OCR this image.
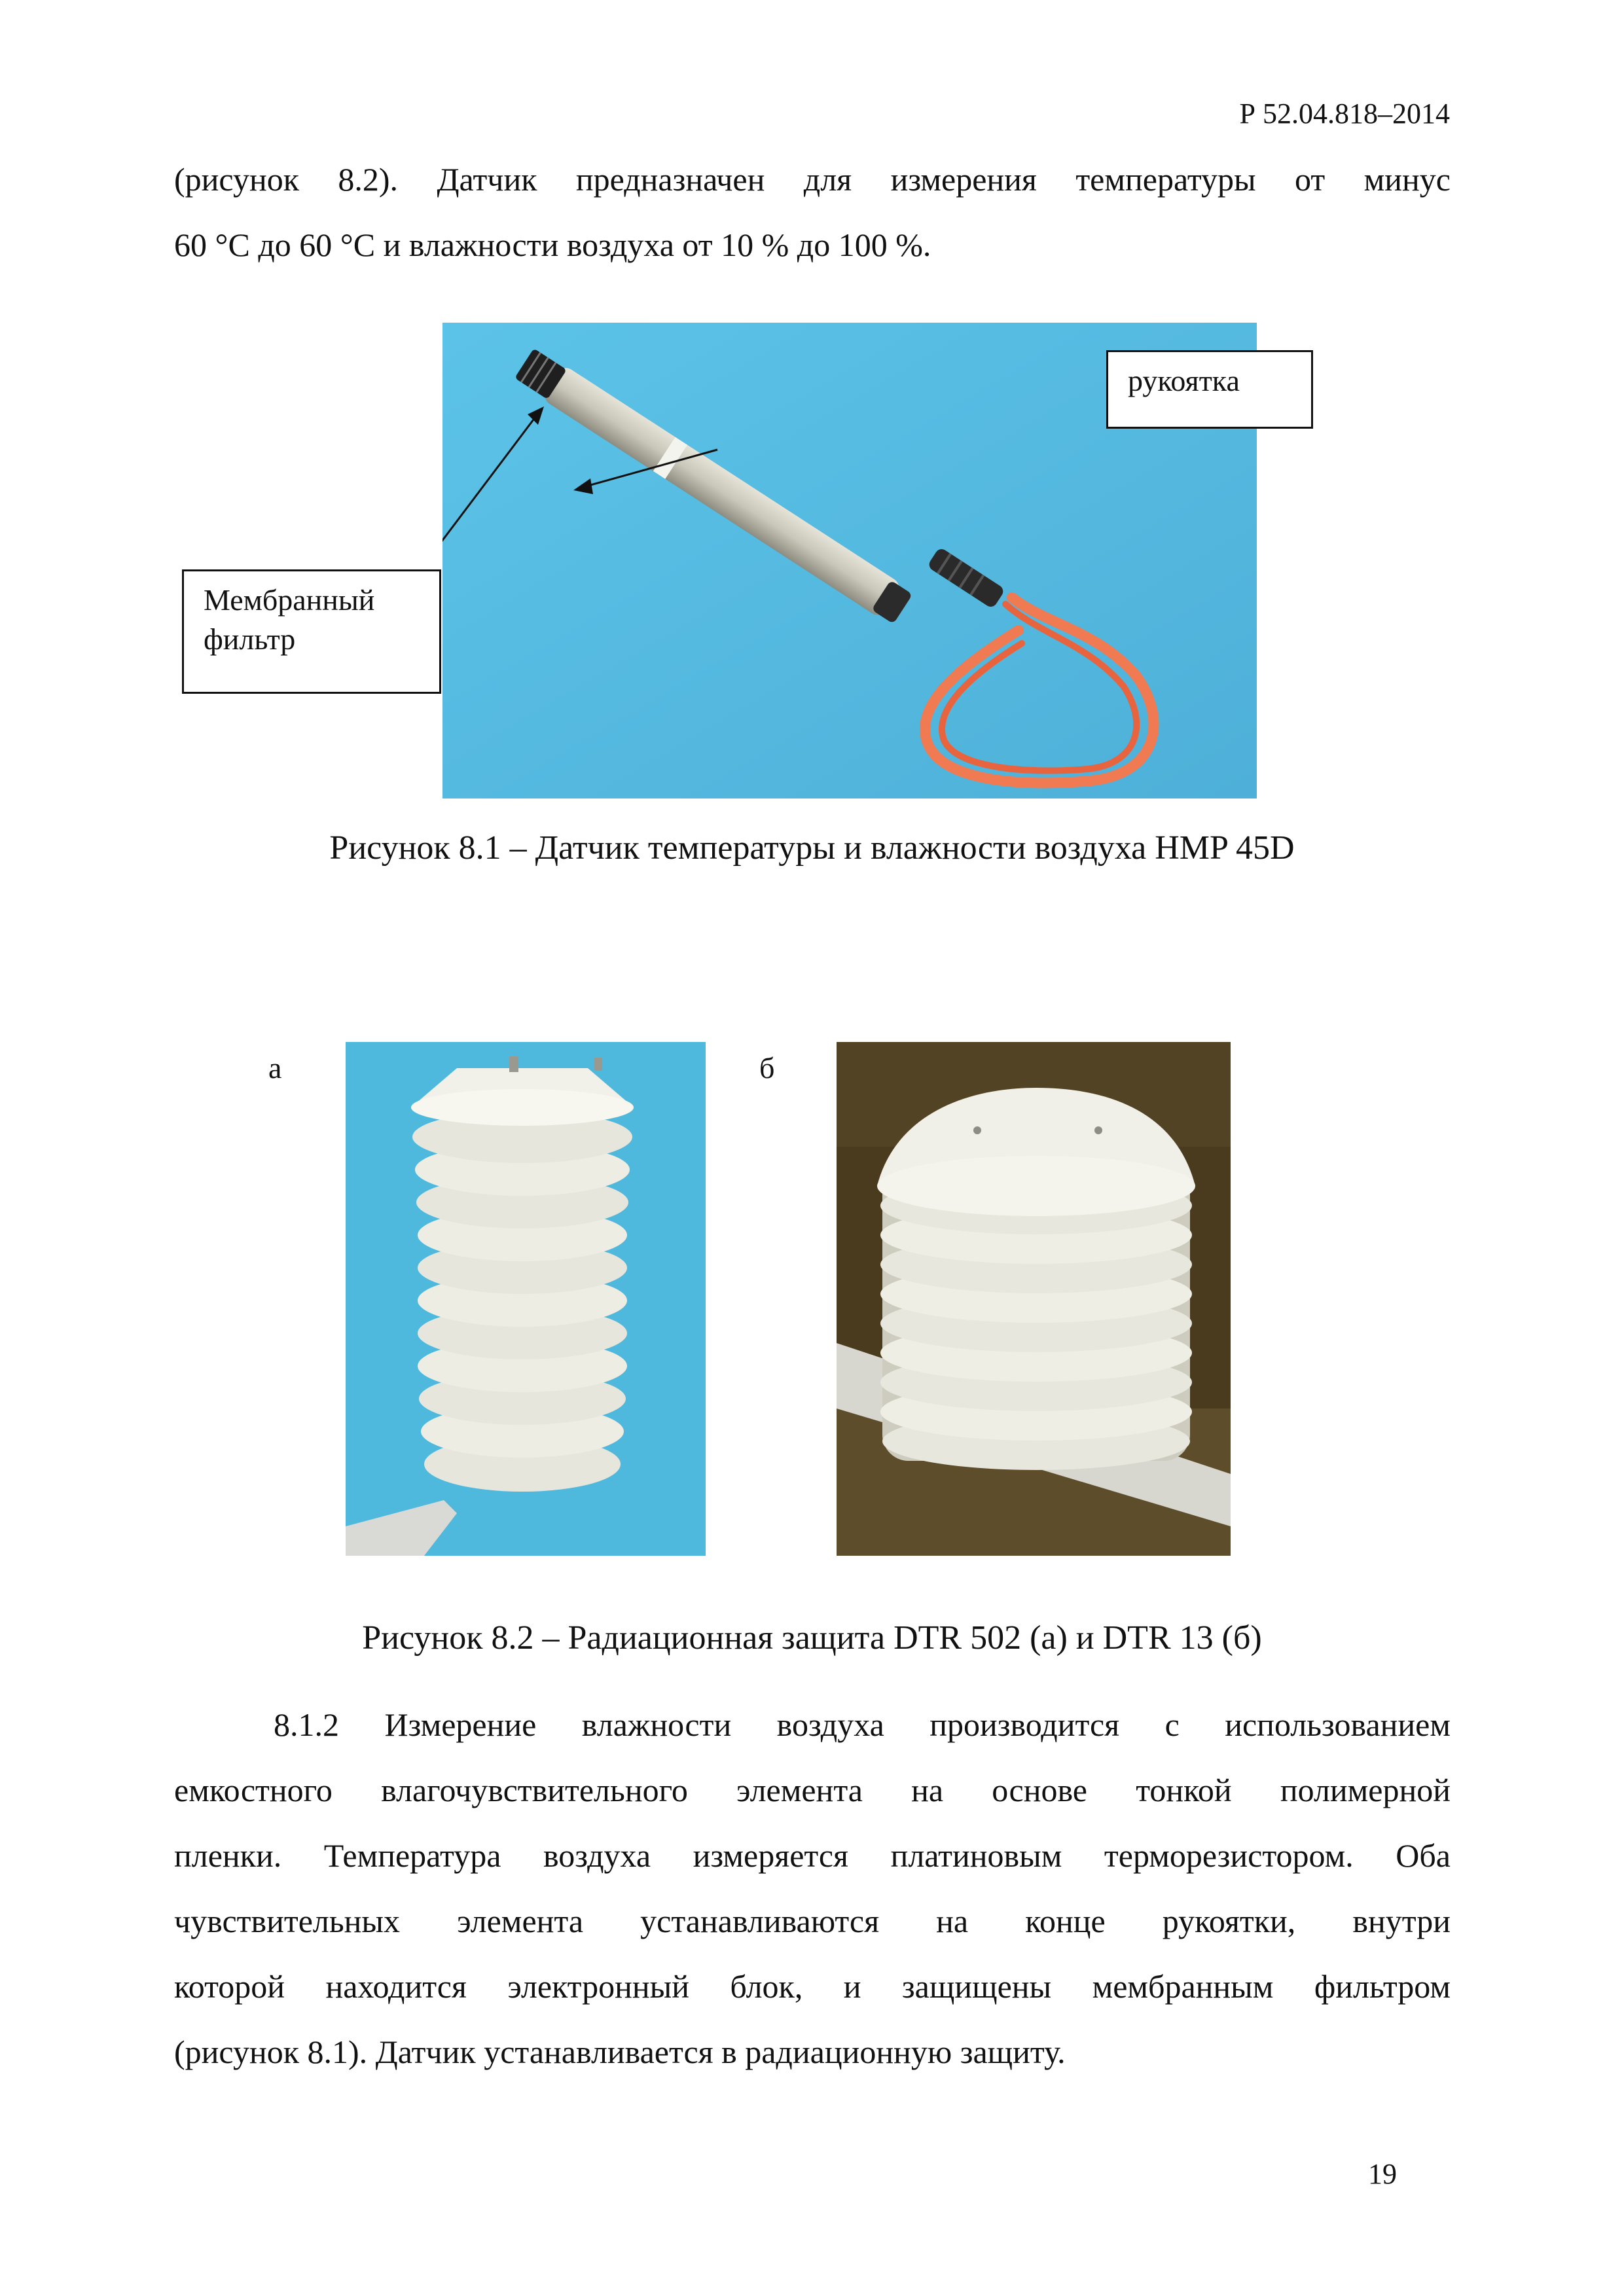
Р 52.04.818–2014
(рисунок 8.2). Датчик предназначен для измерения температуры от минус
60 °С до 60 °С и влажности воздуха от 10 % до 100 %.
рукоятка
Мембранный
фильтр
Рисунок 8.1 – Датчик температуры и влажности воздуха HMP 45D
а	б
Рисунок 8.2 – Радиационная защита DTR 502 (а) и DTR 13 (б)
8.1.2 Измерение влажности воздуха производится с использованием
емкостного влагочувствительного элемента на основе тонкой полимерной
пленки. Температура воздуха измеряется платиновым терморезистором. Оба
чувствительных элемента устанавливаются на конце рукоятки, внутри
которой находится электронный блок, и защищены мембранным фильтром
(рисунок 8.1). Датчик устанавливается в радиационную защиту.
19
